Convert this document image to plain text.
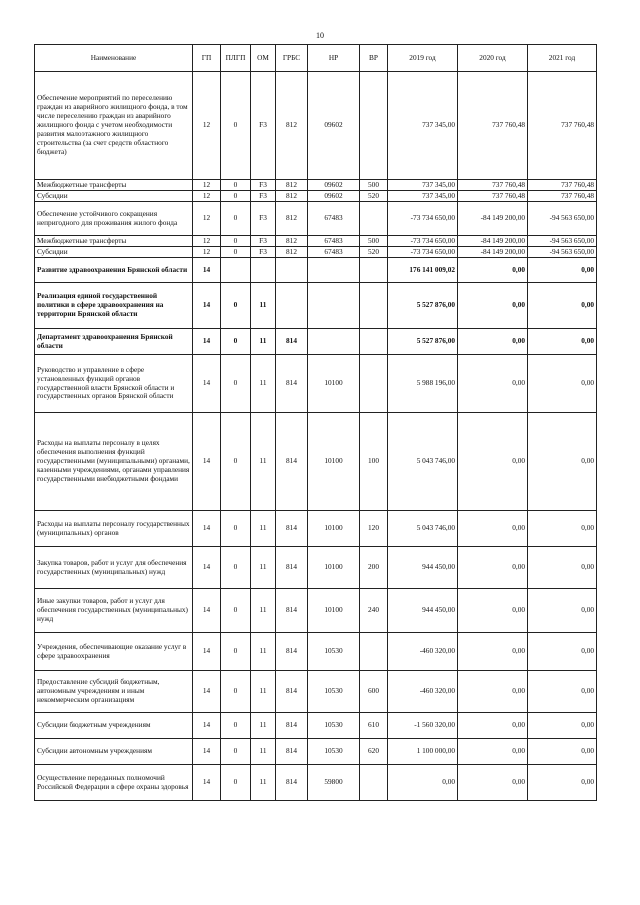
10
Наименование	ГП	ПЛГП	ОМ	ГРБС	НР	ВР	2019 год	2020 год	2021 год
Обеспечение мероприятий по переселению граждан из аварийного жилищного фонда, в том числе переселению граждан из аварийного жилищного фонда с учетом необходимости развития малоэтажного жилищного строительства (за счет средств областного бюджета)	12	0	F3	812	09602		737 345,00	737 760,48	737 760,48
Межбюджетные трансферты	12	0	F3	812	09602	500	737 345,00	737 760,48	737 760,48
Субсидии	12	0	F3	812	09602	520	737 345,00	737 760,48	737 760,48
Обеспечение устойчивого сокращения непригодного для проживания жилого фонда	12	0	F3	812	67483		-73 734 650,00	-84 149 200,00	-94 563 650,00
Межбюджетные трансферты	12	0	F3	812	67483	500	-73 734 650,00	-84 149 200,00	-94 563 650,00
Субсидии	12	0	F3	812	67483	520	-73 734 650,00	-84 149 200,00	-94 563 650,00
Развитие здравоохранения Брянской области	14						176 141 009,02	0,00	0,00
Реализация единой государственной политики в сфере здравоохранения на территории Брянской области	14	0	11				5 527 876,00	0,00	0,00
Департамент здравоохранения Брянской области	14	0	11	814			5 527 876,00	0,00	0,00
Руководство и управление в сфере установленных функций органов государственной власти Брянской области и государственных органов Брянской области	14	0	11	814	10100		5 988 196,00	0,00	0,00
Расходы на выплаты персоналу в целях обеспечения выполнения функций государственными (муниципальными) органами, казенными учреждениями, органами управления государственными внебюджетными фондами	14	0	11	814	10100	100	5 043 746,00	0,00	0,00
Расходы на выплаты персоналу государственных (муниципальных) органов	14	0	11	814	10100	120	5 043 746,00	0,00	0,00
Закупка товаров, работ и услуг для обеспечения государственных (муниципальных) нужд	14	0	11	814	10100	200	944 450,00	0,00	0,00
Иные закупки товаров, работ и услуг для обеспечения государственных (муниципальных) нужд	14	0	11	814	10100	240	944 450,00	0,00	0,00
Учреждения, обеспечивающие оказание услуг в сфере здравоохранения	14	0	11	814	10530		-460 320,00	0,00	0,00
Предоставление субсидий бюджетным, автономным учреждениям и иным некоммерческим организациям	14	0	11	814	10530	600	-460 320,00	0,00	0,00
Субсидии бюджетным учреждениям	14	0	11	814	10530	610	-1 560 320,00	0,00	0,00
Субсидии автономным учреждениям	14	0	11	814	10530	620	1 100 000,00	0,00	0,00
Осуществление переданных полномочий Российской Федерации в сфере охраны здоровья	14	0	11	814	59800		0,00	0,00	0,00
